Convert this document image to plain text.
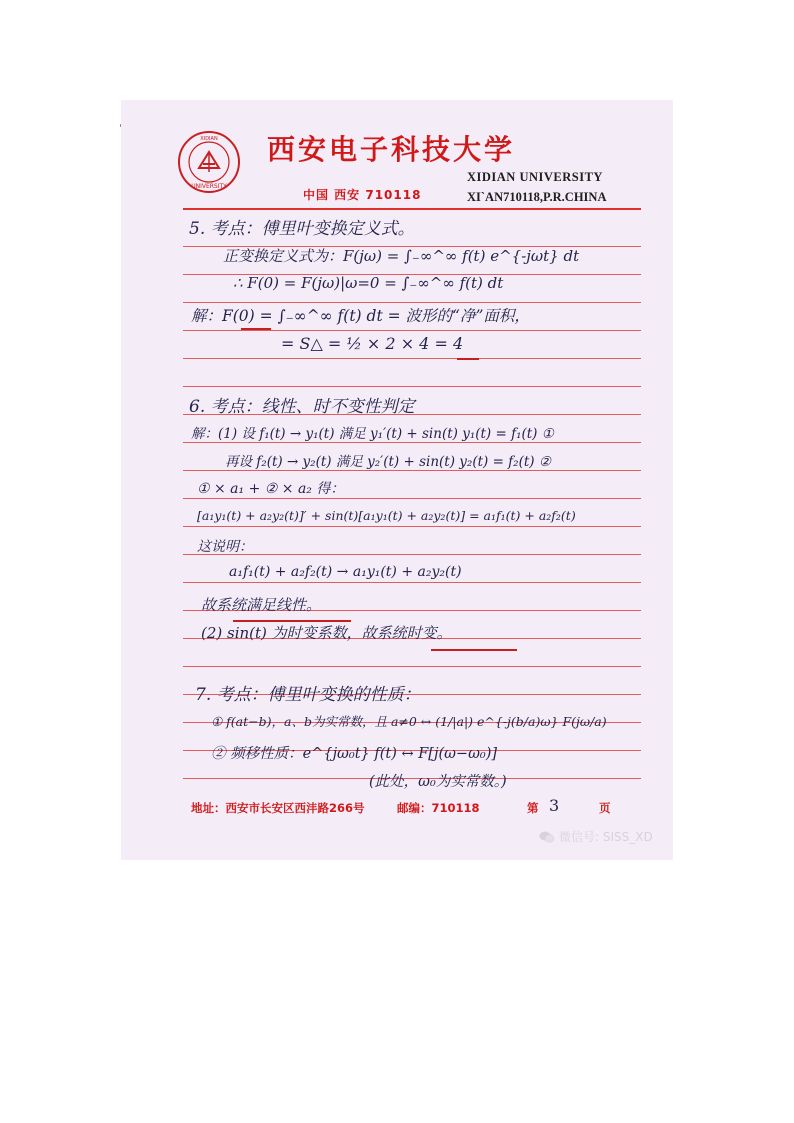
UNIVERSITY
XIDIAN 西安电子科技大学
中国 西安 710118
XIDIAN UNIVERSITY
XI`AN710118,P.R.CHINA
5. 考点：傅里叶变换定义式。
正变换定义式为：F(jω) = ∫₋∞^∞ f(t) e^{-jωt} dt
∴ F(0) = F(jω)|ω=0 = ∫₋∞^∞ f(t) dt
解：F(0) = ∫₋∞^∞ f(t) dt = 波形的“净”面积，
= S△ = ½ × 2 × 4 = 4
6. 考点：线性、时不变性判定
解：(1) 设 f₁(t) → y₁(t) 满足 y₁′(t) + sin(t) y₁(t) = f₁(t) ①
再设 f₂(t) → y₂(t) 满足 y₂′(t) + sin(t) y₂(t) = f₂(t) ②
① × a₁ + ② × a₂ 得：
[a₁y₁(t) + a₂y₂(t)]′ + sin(t)[a₁y₁(t) + a₂y₂(t)] = a₁f₁(t) + a₂f₂(t)
这说明：
a₁f₁(t) + a₂f₂(t) → a₁y₁(t) + a₂y₂(t)
故系统满足线性。
(2) sin(t) 为时变系数，故系统时变。
7. 考点：傅里叶变换的性质：
① f(at−b)，a、b为实常数，且 a≠0 ↔ (1/|a|) e^{-j(b/a)ω} F(jω/a)
② 频移性质：e^{jω₀t} f(t) ↔ F[j(ω−ω₀)]
(此处，ω₀为实常数。)
地址：西安市长安区西沣路266号	邮编：710118	第 3	页
微信号: SISS_XD
